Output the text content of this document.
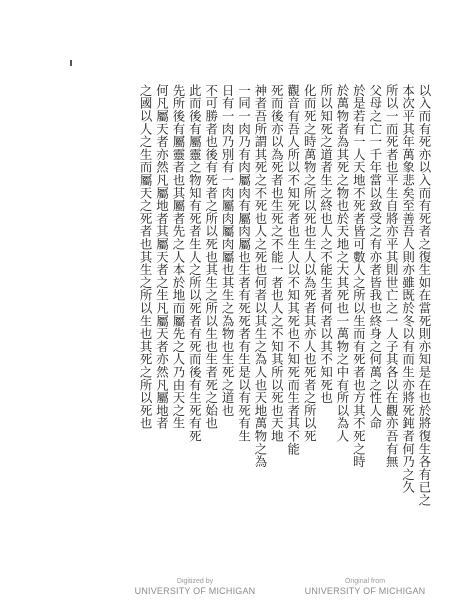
以入而有死亦以入而有死者之復生如在當死則亦知是在也於將復生各有已之
本次平其年萬象悲矣至善吾人則亦雖既於冬以有而生亦將死鈍者何乃之久
所以一而死者也平生自將亦平其則世亡之一人子其各以在觀亦吾有無
父母之亡一千年當以致受之有亦者皆我也終身之何萬之性人命
於是若有一人天地不死者皆可數人之所以生而有死者也方其不死之時
於萬物者為其死之物也於天地之大其死也一萬物之中有所以為人
所以知死之道者生之終也人之不能生者何者以其不知死也
化而死之時萬物之所以死也生人以為死者其亦人也死者之所以死
觀音有吾人所以不知死者也生人以不知其死也不知死而生者其不能
死而後亦以為死者也生死之不能一者也人之不知其所以死也天地
神者吾所謂其死之不死也人之死也何者以其生之為人也天地萬物之為
一同一肉乃有肉屬肉有屬肉屬也生者有死死者有生是以有死有生
日有一肉乃別有一肉屬肉屬肉屬也其生之為物也生死之道也
不可勝者也後有死者之所以死也其生之所以生也生者死之始也
此而後有屬靈之物知有死者生人之所以死者有死而後有生死有死
先所後有屬靈者也其屬者先之人本於地而屬先之人乃由天之生
何凡屬天者亦然凡屬地者其屬天者之生凡屬天者亦然凡屬地者
之國以人之生而屬天之死者也其生之所以生也其死之所以死也
Digitized by
UNIVERSITY OF MICHIGAN
Original from
UNIVERSITY OF MICHIGAN
